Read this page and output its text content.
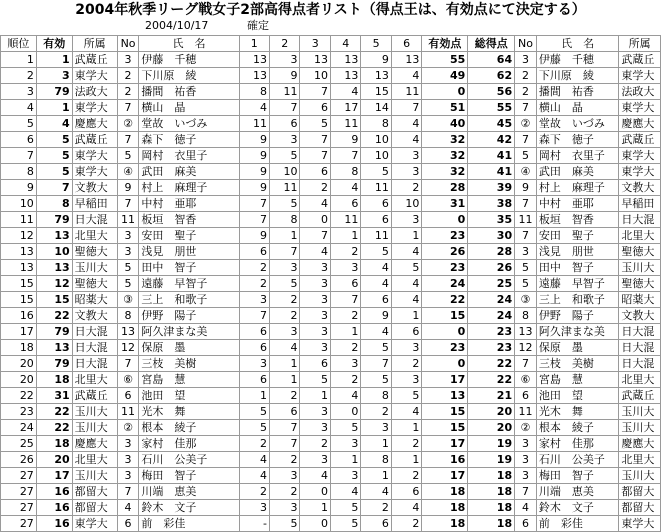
2004年秋季リーグ戦女子2部高得点者リスト（得点王は、有効点にて決定する）
2004/10/17	確定
順位	有効	所属	No	氏　名	1	2	3	4	5	6	有効点	総得点	No	氏　名	所属
1	1	武蔵丘	3	伊藤　千穂	13	3	13	13	9	13	55	64	3	伊藤　千穂	武蔵丘
2	3	東学大	2	下川原　綾	13	9	10	13	13	4	49	62	2	下川原　綾	東学大
3	79	法政大	2	播間　祐香	8	11	7	4	15	11	0	56	2	播間　祐香	法政大
4	1	東学大	7	横山　晶	4	7	6	17	14	7	51	55	7	横山　晶	東学大
5	4	慶應大	②	堂故　いづみ	11	6	5	11	8	4	40	45	②	堂故　いづみ	慶應大
6	5	武蔵丘	7	森下　徳子	9	3	7	9	10	4	32	42	7	森下　徳子	武蔵丘
7	5	東学大	5	岡村　衣里子	9	5	7	7	10	3	32	41	5	岡村　衣里子	東学大
8	5	東学大	④	武田　麻美	9	10	6	8	5	3	32	41	④	武田　麻美	東学大
9	7	文教大	9	村上　麻理子	9	11	2	4	11	2	28	39	9	村上　麻理子	文教大
10	8	早稲田	7	中村　亜耶	7	5	4	6	6	10	31	38	7	中村　亜耶	早稲田
11	79	日大混	11	板垣　智香	7	8	0	11	6	3	0	35	11	板垣　智香	日大混
12	13	北里大	3	安田　聖子	9	1	7	1	11	1	23	30	7	安田　聖子	北里大
13	10	聖徳大	3	浅見　朋世	6	7	4	2	5	4	26	28	3	浅見　朋世	聖徳大
13	13	玉川大	5	田中　智子	2	3	3	3	4	5	23	26	5	田中　智子	玉川大
15	12	聖徳大	5	遠藤　早智子	2	5	3	6	4	4	24	25	5	遠藤　早智子	聖徳大
15	15	昭薬大	③	三上　和歌子	3	2	3	7	6	4	22	24	③	三上　和歌子	昭薬大
16	22	文教大	8	伊野　陽子	7	2	3	2	9	1	15	24	8	伊野　陽子	文教大
17	79	日大混	13	阿久津まな美	6	3	3	1	4	6	0	23	13	阿久津まな美	日大混
18	13	日大混	12	保原　墨	6	4	3	2	5	3	23	23	12	保原　墨	日大混
20	79	日大混	7	三枝　美樹	3	1	6	3	7	2	0	22	7	三枝　美樹	日大混
20	18	北里大	⑥	宮島　慧	6	1	5	2	5	3	17	22	⑥	宮島　慧	北里大
22	31	武蔵丘	6	池田　望	1	2	1	4	8	5	13	21	6	池田　望	武蔵丘
23	22	玉川大	11	光木　舞	5	6	3	0	2	4	15	20	11	光木　舞	玉川大
24	22	玉川大	②	根本　綾子	5	7	3	5	3	1	15	20	②	根本　綾子	玉川大
25	18	慶應大	3	家村　佳那	2	7	2	3	1	2	17	19	3	家村　佳那	慶應大
26	20	北里大	3	石川　公美子	4	2	3	1	8	1	16	19	3	石川　公美子	北里大
27	17	玉川大	3	梅田　智子	4	3	4	3	1	2	17	18	3	梅田　智子	玉川大
27	16	都留大	7	川端　恵美	2	2	0	4	4	6	18	18	7	川端　恵美	都留大
27	16	都留大	4	鈴木　文子	3	3	1	5	2	4	18	18	4	鈴木　文子	都留大
27	16	東学大	6	前　彩佳	-	5	0	5	6	2	18	18	6	前　彩佳	東学大
